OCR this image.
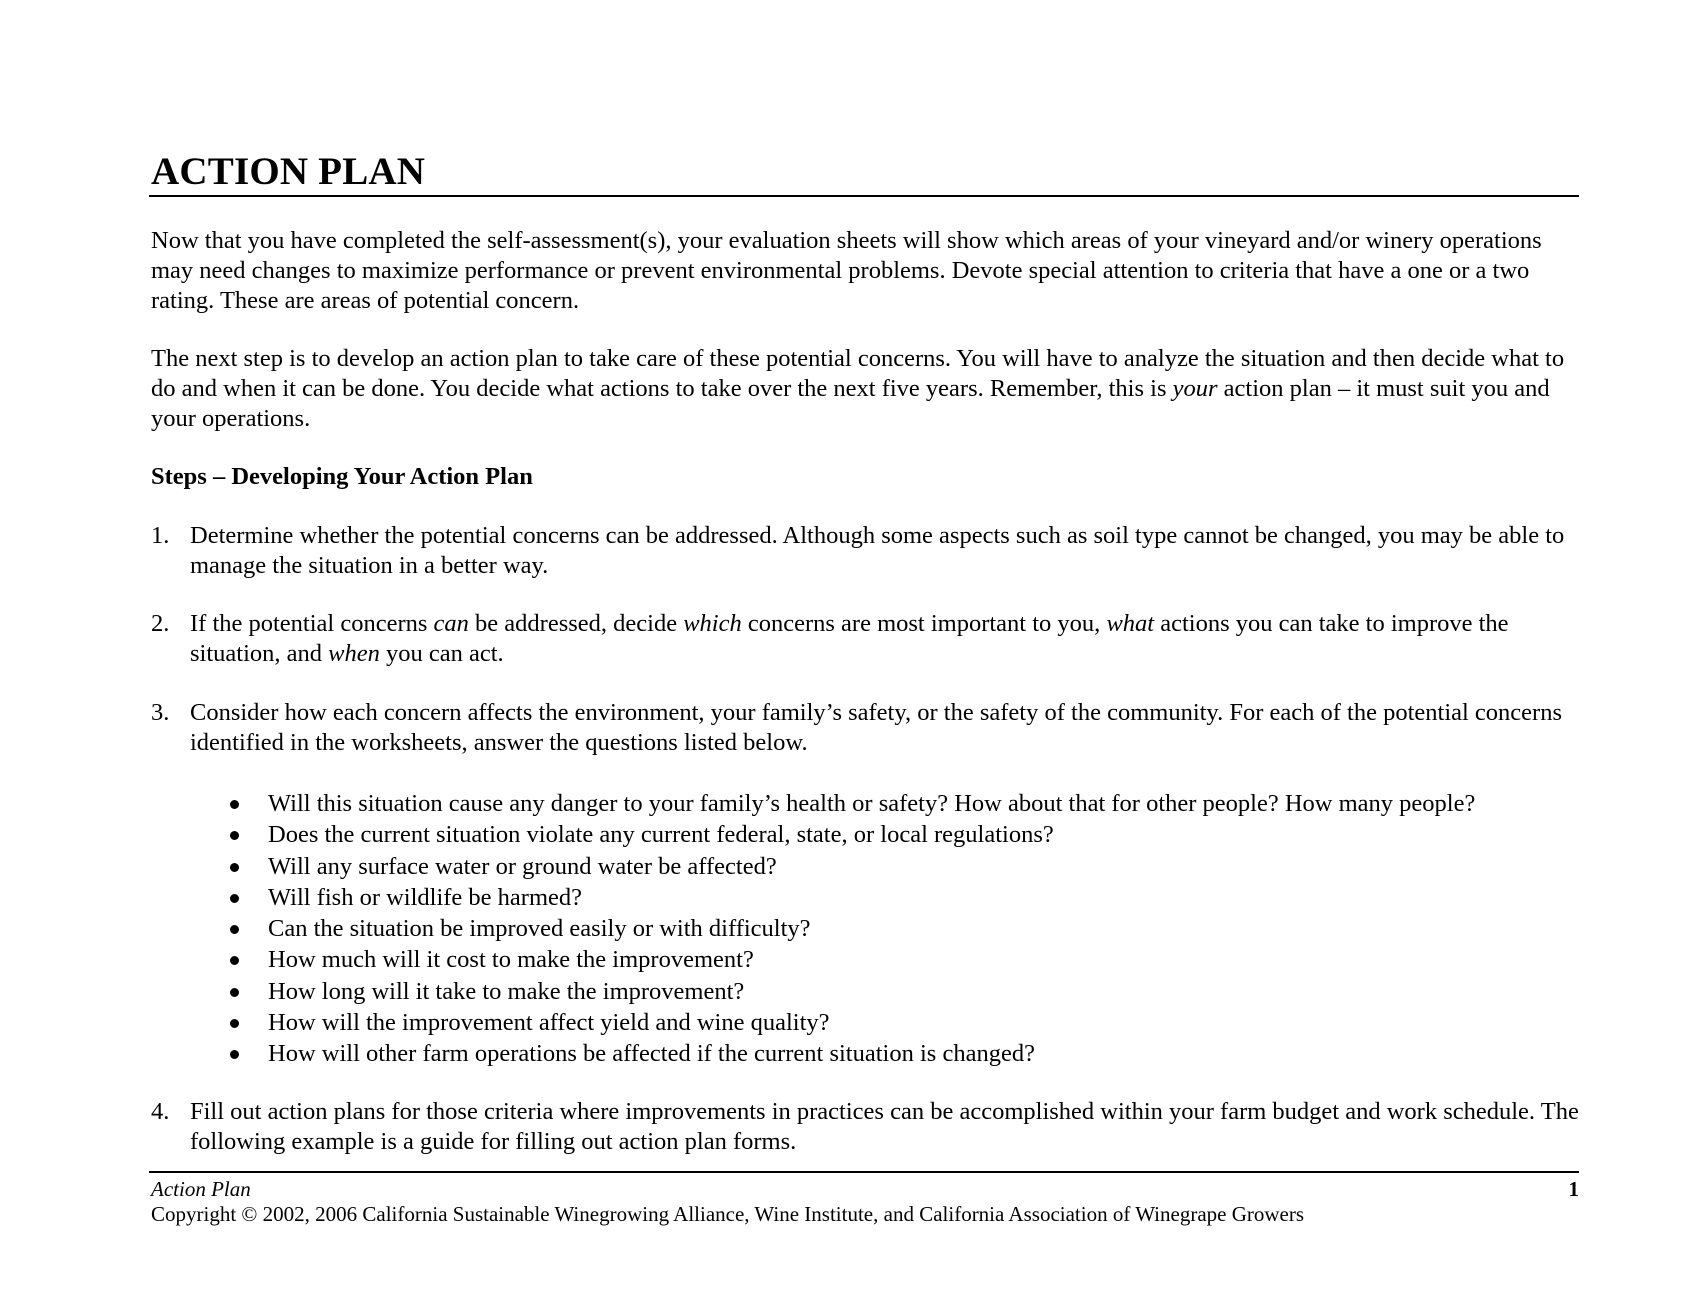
ACTION PLAN

Now that you have completed the self-assessment(s), your evaluation sheets will show which areas of your vineyard and/or winery operations may need changes to maximize performance or prevent environmental problems. Devote special attention to criteria that have a one or a two rating. These are areas of potential concern.

The next step is to develop an action plan to take care of these potential concerns. You will have to analyze the situation and then decide what to do and when it can be done. You decide what actions to take over the next five years. Remember, this is your action plan – it must suit you and your operations.

Steps – Developing Your Action Plan
1. Determine whether the potential concerns can be addressed. Although some aspects such as soil type cannot be changed, you may be able to manage the situation in a better way.
2. If the potential concerns can be addressed, decide which concerns are most important to you, what actions you can take to improve the situation, and when you can act.
3. Consider how each concern affects the environment, your family’s safety, or the safety of the community. For each of the potential concerns identified in the worksheets, answer the questions listed below.
Will this situation cause any danger to your family’s health or safety? How about that for other people? How many people?
Does the current situation violate any current federal, state, or local regulations?
Will any surface water or ground water be affected?
Will fish or wildlife be harmed?
Can the situation be improved easily or with difficulty?
How much will it cost to make the improvement?
How long will it take to make the improvement?
How will the improvement affect yield and wine quality?
How will other farm operations be affected if the current situation is changed?
4. Fill out action plans for those criteria where improvements in practices can be accomplished within your farm budget and work schedule. The following example is a guide for filling out action plan forms.
Action Plan	1
Copyright © 2002, 2006 California Sustainable Winegrowing Alliance, Wine Institute, and California Association of Winegrape Growers
